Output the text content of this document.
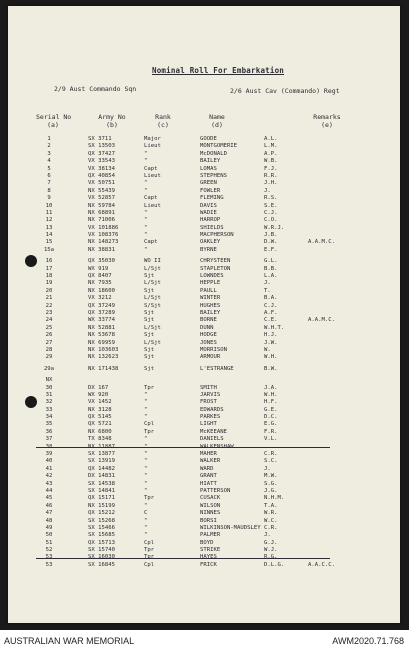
Nominal Roll For Embarkation
2/9 Aust Commando Sqn	2/6 Aust Cav (Commando) Regt
Serial No
(a)
Army No
(b)
Rank
(c)
Name
(d)
Remarks
(e)
1	SX 3711	Major	GOODE	A.L.
2	SX 13503	Lieut	MONTGOMERIE	L.M.
3	QX 37427	"	McDONALD	A.P.
4	VX 33543	"	BAILEY	W.B.
5	VX 38134	Capt	LOMAS	F.J.
6	QX 40854	Lieut	STEPHENS	R.R.
7	VX 50751	"	GREEN	J.H.
8	NX 55439	"	FOWLER	J.
9	VX 52857	Capt	FLEMING	R.S.
10	NX 59784	Lieut	DAVIS	S.E.
11	NX 68891	"	WADIE	C.J.
12	NX 71006	"	HARROP	C.O.
13	VX 101886	"	SHIELDS	W.R.J.
14	VX 108376	"	MACPHERSON	J.B.
15	NX 148273	Capt	OAKLEY	D.W.	A.A.M.C.
15a	NX 38831	"	BYRNE	E.F.
16	QX 35030	WO II	CHRYSTEEN	G.L.
17	WX 919	L/Sjt	STAPLETON	B.B.
18	QX 8407	Sjt	LOWNDES	L.A.
19	NX 7935	L/Sjt	HEPPLE	J.
20	NX 18600	Sjt	PAULL	T.
21	VX 3212	L/Sjt	WINTER	B.A.
22	QX 37249	S/Sjt	HUGHES	C.J.
23	QX 37289	Sjt	BAILEY	A.F.
24	WX 33774	Sjt	BORNE	C.E.	A.A.M.C.
25	NX 52881	L/Sjt	DUNN	W.H.T.
26	NX 53678	Sjt	HODGE	H.J.
27	NX 69959	L/Sjt	JONES	J.W.
28	NX 103603	Sjt	MORRISON	W.
29	NX 132623	Sjt	ARMOUR	W.H.
29a	NX 171438	Sjt	L'ESTRANGE	B.W.
NX
30	DX 167	Tpr	SMITH	J.A.
31	WX 920	"	JARVIS	W.H.
32	VX 1452	"	FROST	H.F.
33	NX 3128	"	EDWARDS	G.E.
34	QX 5145	"	PARKES	D.C.
35	QX 5721	Cpl	LIGHT	E.G.
36	NX 6800	Tpr	McKEEANE	F.R.
37	TX 8348	"	DANIELS	V.L.
38	NX 11887	"	WALKENSHAW
39	SX 13877	"	MAHER	C.R.
40	SX 13919	"	WALKER	S.C.
41	QX 14482	"	WARD	J.
42	DX 14831	"	GRANT	M.W.
43	SX 14538	"	HIATT	S.G.
44	SX 14841	"	PATTERSON	J.G.
45	QX 15171	Tpr	CUSACK	N.H.M.
46	NX 15199	"	WILSON	T.A.
47	QX 15212	C	NINNES	W.R.
48	SX 15268	"	BORSI	W.C.
49	SX 15466	"	WILKINSON-MAUDSLEY C.R.
50	SX 15685	"	PALMER	J.
51	QX 15713	Cpl	BOYD	G.J.
52	SX 15740	Tpr	STRIKE	W.J.
53	SX 16030	Tpr	HAYES	R.G.
53	SX 16845	Cpl	FRICK	D.L.G.	A.A.C.C.
AUSTRALIAN WAR MEMORIAL	AWM2020.71.768
